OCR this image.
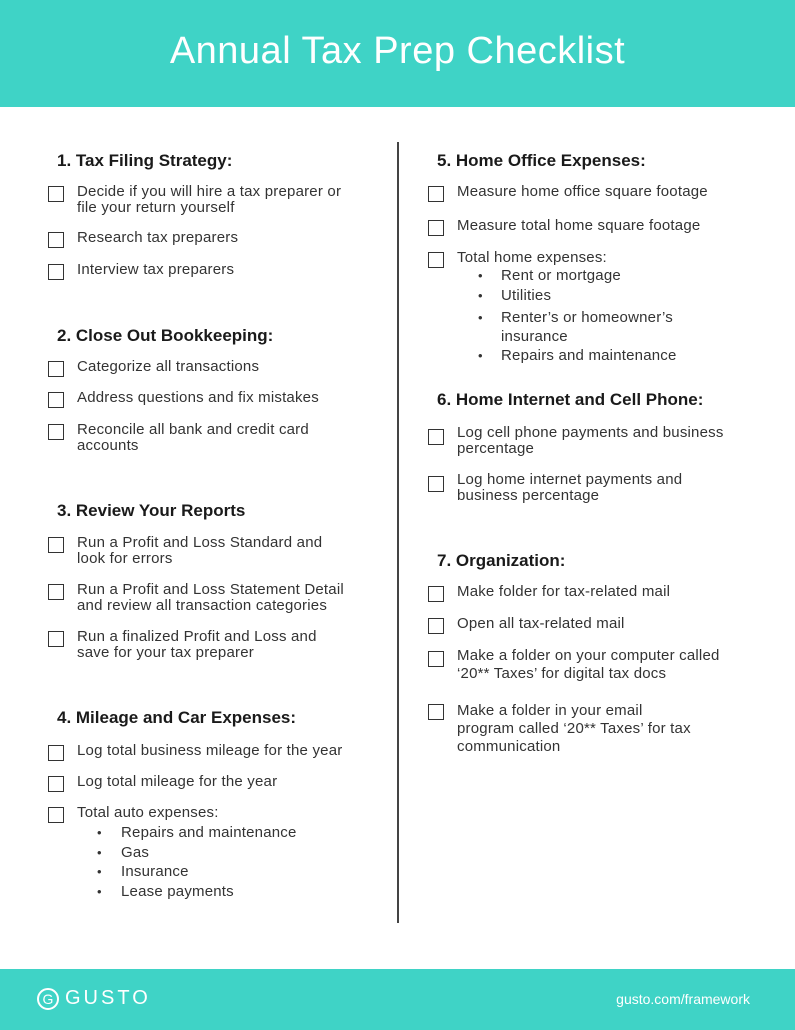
Annual Tax Prep Checklist
1. Tax Filing Strategy:
Decide if you will hire a tax preparer or
file your return yourself
Research tax preparers
Interview tax preparers
2. Close Out Bookkeeping:
Categorize all transactions
Address questions and fix mistakes
Reconcile all bank and credit card
accounts
3. Review Your Reports
Run a Profit and Loss Standard and
look for errors
Run a Profit and Loss Statement Detail
and review all transaction categories
Run a finalized Profit and Loss and
save for your tax preparer
4. Mileage and Car Expenses:
Log total business mileage for the year
Log total mileage for the year
Total auto expenses:
• Repairs and maintenance
• Gas
• Insurance
• Lease payments
5. Home Office Expenses:
Measure home office square footage
Measure total home square footage
Total home expenses:
• Rent or mortgage
• Utilities
• Renter’s or homeowner’s
insurance
• Repairs and maintenance
6. Home Internet and Cell Phone:
Log cell phone payments and business
percentage
Log home internet payments and
business percentage
7. Organization:
Make folder for tax-related mail
Open all tax-related mail
Make a folder on your computer called
‘20** Taxes’ for digital tax docs
Make a folder in your email
program called ‘20** Taxes’ for tax
communication
G GUSTO	gusto.com/framework
